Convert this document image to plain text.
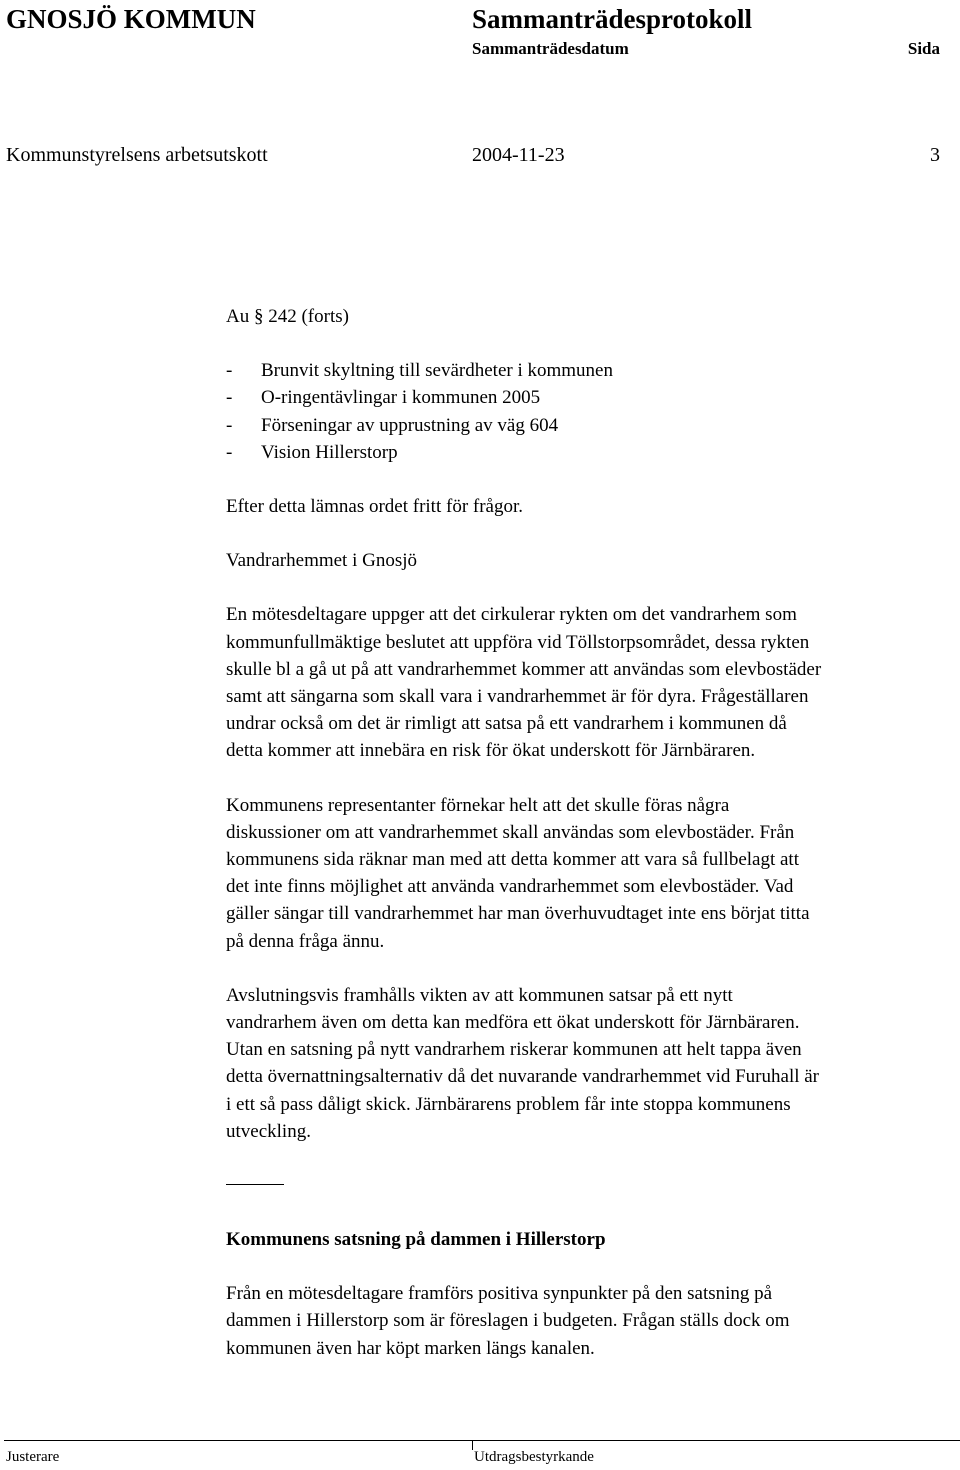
GNOSJÖ KOMMUN	Sammanträdesprotokoll
Sammanträdesdatum	Sida
Kommunstyrelsens arbetsutskott	2004-11-23	3

Au § 242 (forts)

-	Brunvit skyltning till sevärdheter i kommunen
-	O-ringentävlingar i kommunen 2005
-	Förseningar av upprustning av väg 604
-	Vision Hillerstorp

Efter detta lämnas ordet fritt för frågor.

Vandrarhemmet i Gnosjö

En mötesdeltagare uppger att det cirkulerar rykten om det vandrarhem som
kommunfullmäktige beslutet att uppföra vid Töllstorpsområdet, dessa rykten
skulle bl a gå ut på att vandrarhemmet kommer att användas som elevbostäder
samt att sängarna som skall vara i vandrarhemmet är för dyra. Frågeställaren
undrar också om det är rimligt att satsa på ett vandrarhem i kommunen då
detta kommer att innebära en risk för ökat underskott för Järnbäraren.
Kommunens representanter förnekar helt att det skulle föras några
diskussioner om att vandrarhemmet skall användas som elevbostäder. Från
kommunens sida räknar man med att detta kommer att vara så fullbelagt att
det inte finns möjlighet att använda vandrarhemmet som elevbostäder. Vad
gäller sängar till vandrarhemmet har man överhuvudtaget inte ens börjat titta
på denna fråga ännu.
Avslutningsvis framhålls vikten av att kommunen satsar på ett nytt
vandrarhem även om detta kan medföra ett ökat underskott för Järnbäraren.
Utan en satsning på nytt vandrarhem riskerar kommunen att helt tappa även
detta övernattningsalternativ då det nuvarande vandrarhemmet vid Furuhall är
i ett så pass dåligt skick. Järnbärarens problem får inte stoppa kommunens
utveckling.

Kommunens satsning på dammen i Hillerstorp

Från en mötesdeltagare framförs positiva synpunkter på den satsning på
dammen i Hillerstorp som är föreslagen i budgeten. Frågan ställs dock om
kommunen även har köpt marken längs kanalen.
Justerare	Utdragsbestyrkande
